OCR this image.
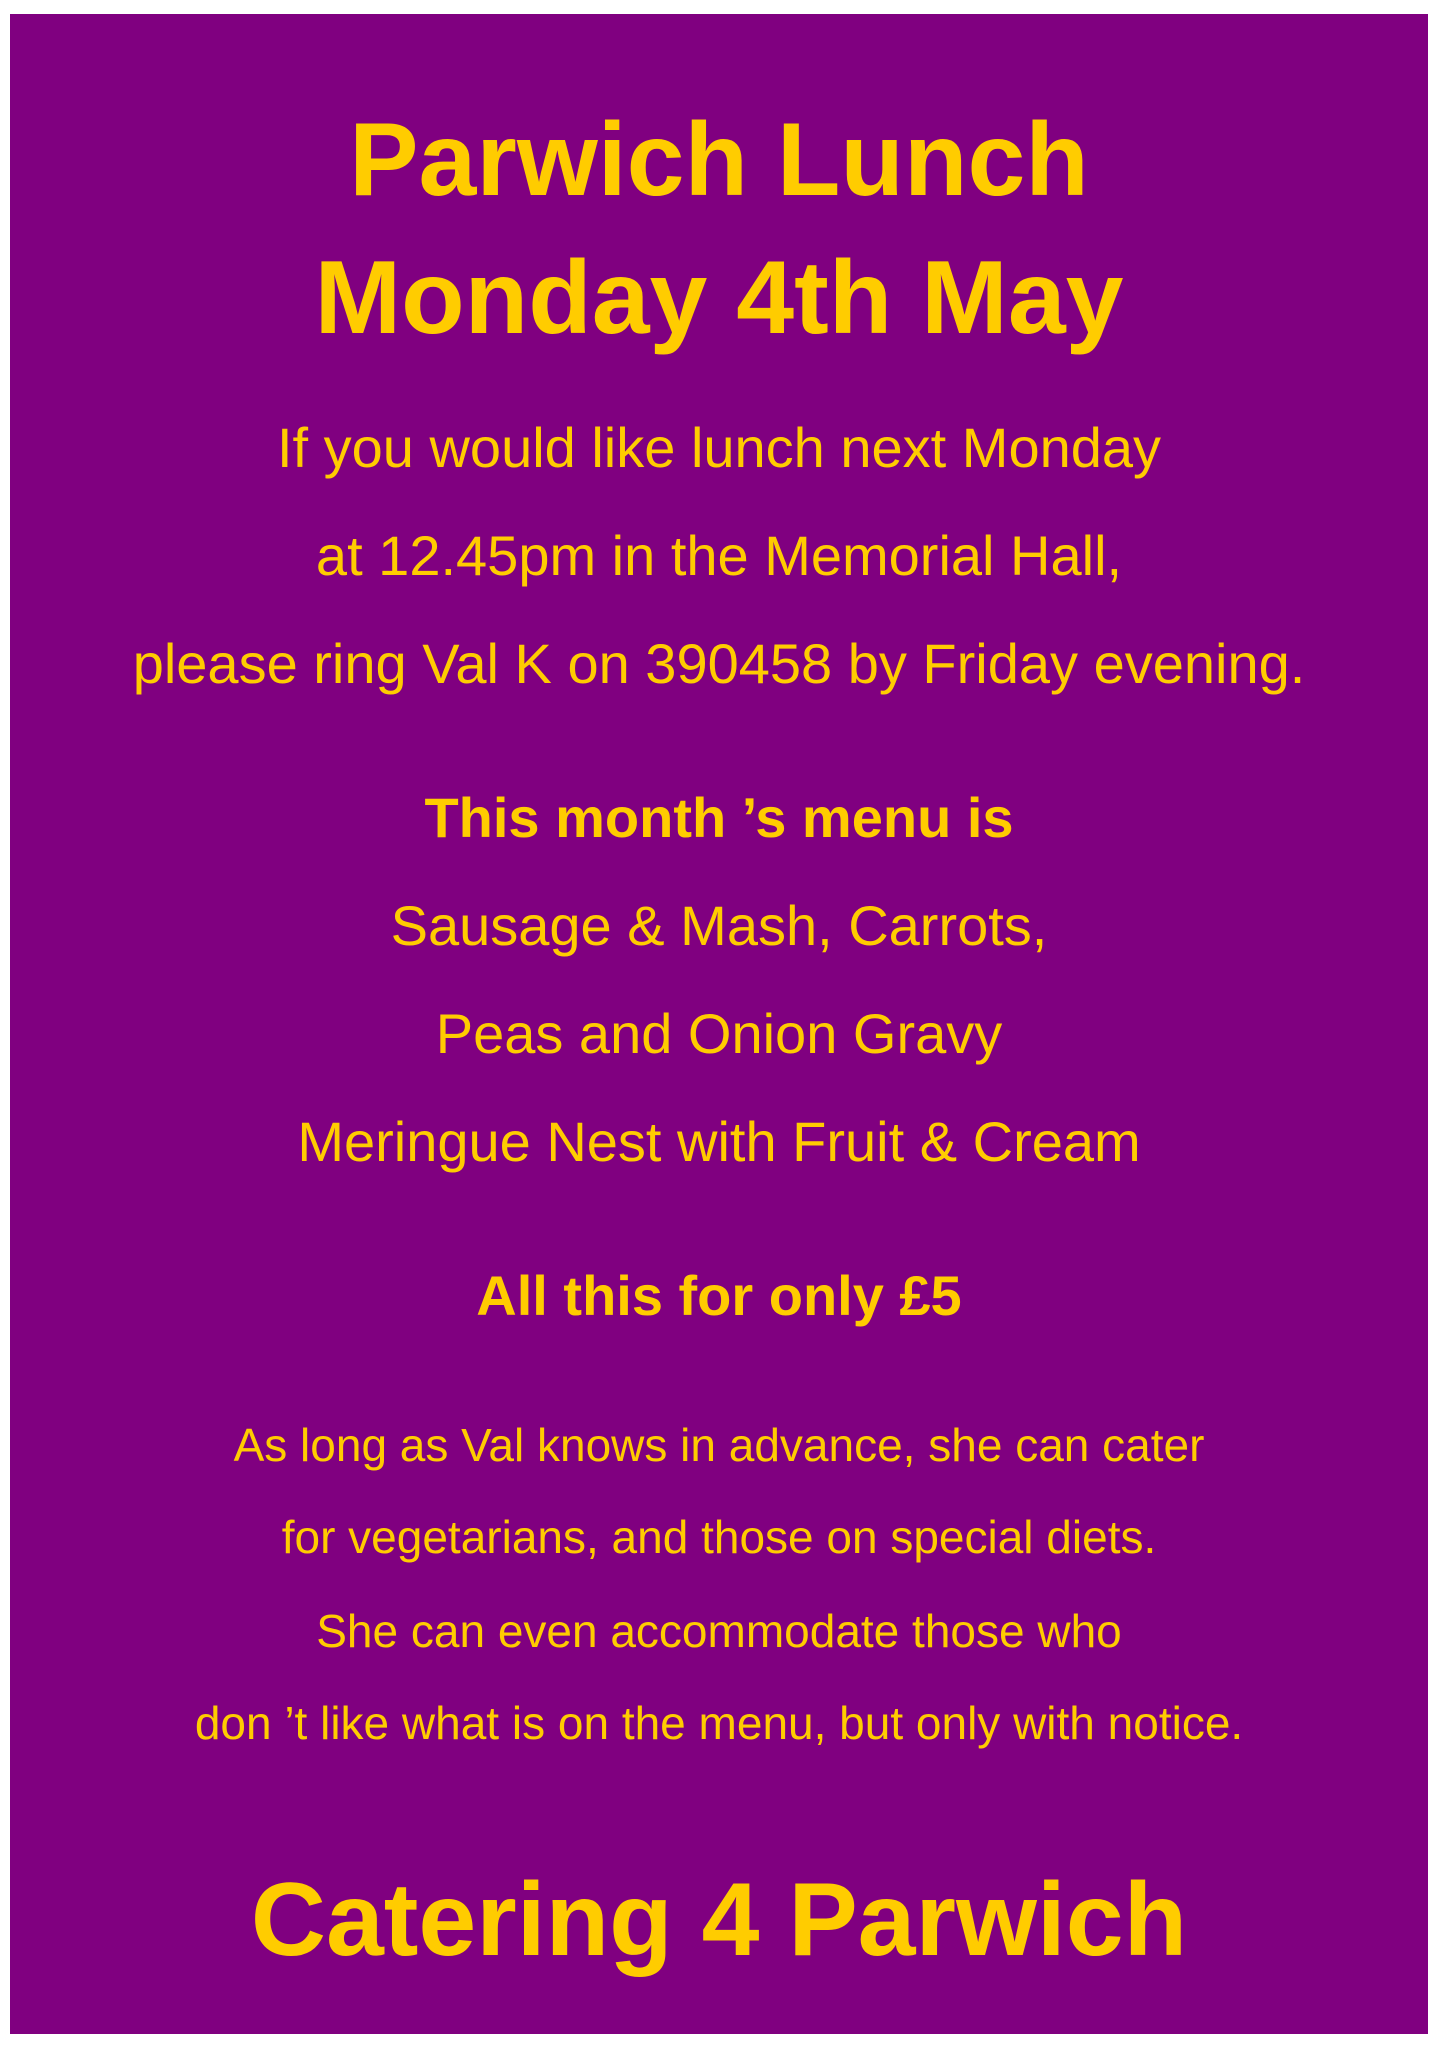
Parwich Lunch
Monday 4th May
If you would like lunch next Monday
at 12.45pm in the Memorial Hall,
please ring Val K on 390458 by Friday evening.
This month ’s menu is
Sausage & Mash, Carrots,
Peas and Onion Gravy
Meringue Nest with Fruit & Cream
All this for only £5
As long as Val knows in advance, she can cater
for vegetarians, and those on special diets.
She can even accommodate those who
don ’t like what is on the menu, but only with notice.
Catering 4 Parwich
